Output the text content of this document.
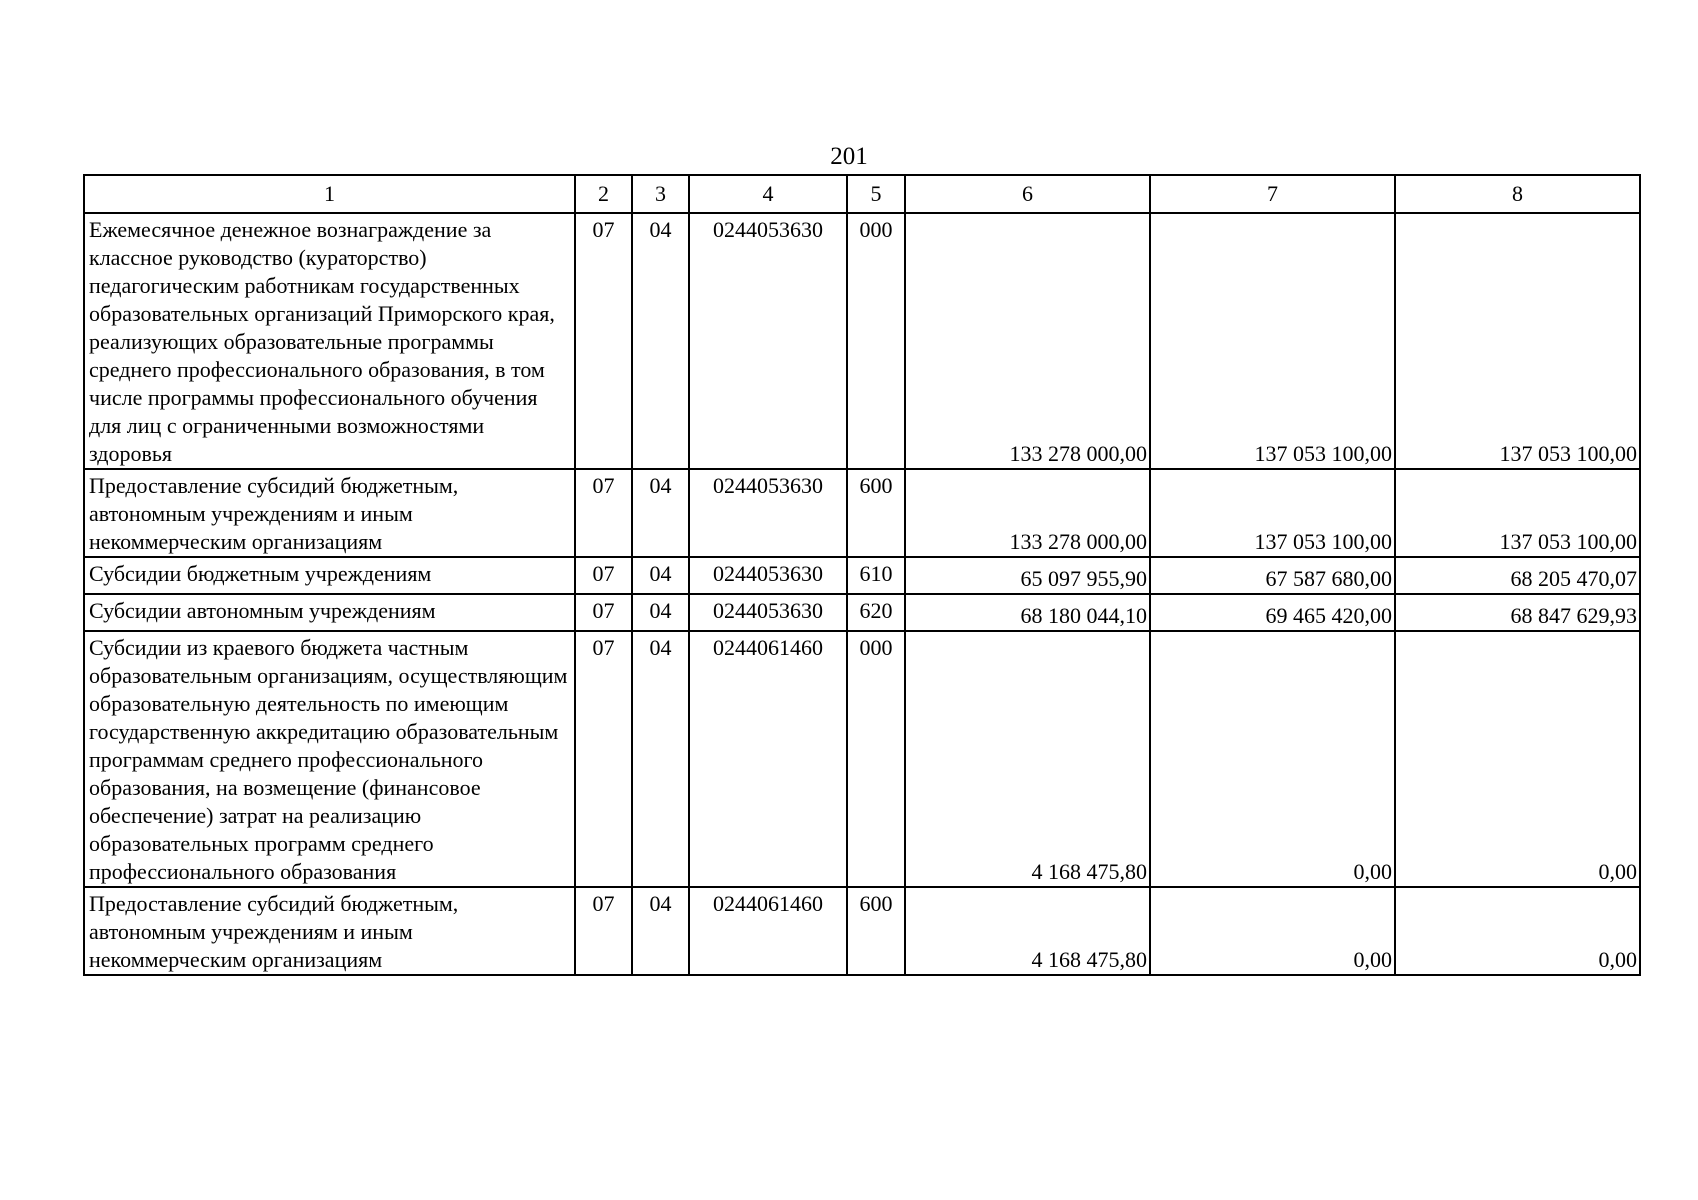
201
1	2	3	4	5	6	7	8
Ежемесячное денежное вознаграждение за классное руководство (кураторство) педагогическим работникам государственных образовательных организаций Приморского края, реализующих образовательные программы среднего профессионального образования, в том числе программы профессионального обучения для лиц с ограниченными возможностями здоровья	07	04	0244053630	000	133 278 000,00	137 053 100,00	137 053 100,00
Предоставление субсидий бюджетным, автономным учреждениям и иным некоммерческим организациям	07	04	0244053630	600	133 278 000,00	137 053 100,00	137 053 100,00
Субсидии бюджетным учреждениям	07	04	0244053630	610	65 097 955,90	67 587 680,00	68 205 470,07
Субсидии автономным учреждениям	07	04	0244053630	620	68 180 044,10	69 465 420,00	68 847 629,93
Субсидии из краевого бюджета частным образовательным организациям, осуществляющим образовательную деятельность по имеющим государственную аккредитацию образовательным программам среднего профессионального образования, на возмещение (финансовое обеспечение) затрат на реализацию образовательных программ среднего профессионального образования	07	04	0244061460	000	4 168 475,80	0,00	0,00
Предоставление субсидий бюджетным, автономным учреждениям и иным некоммерческим организациям	07	04	0244061460	600	4 168 475,80	0,00	0,00
